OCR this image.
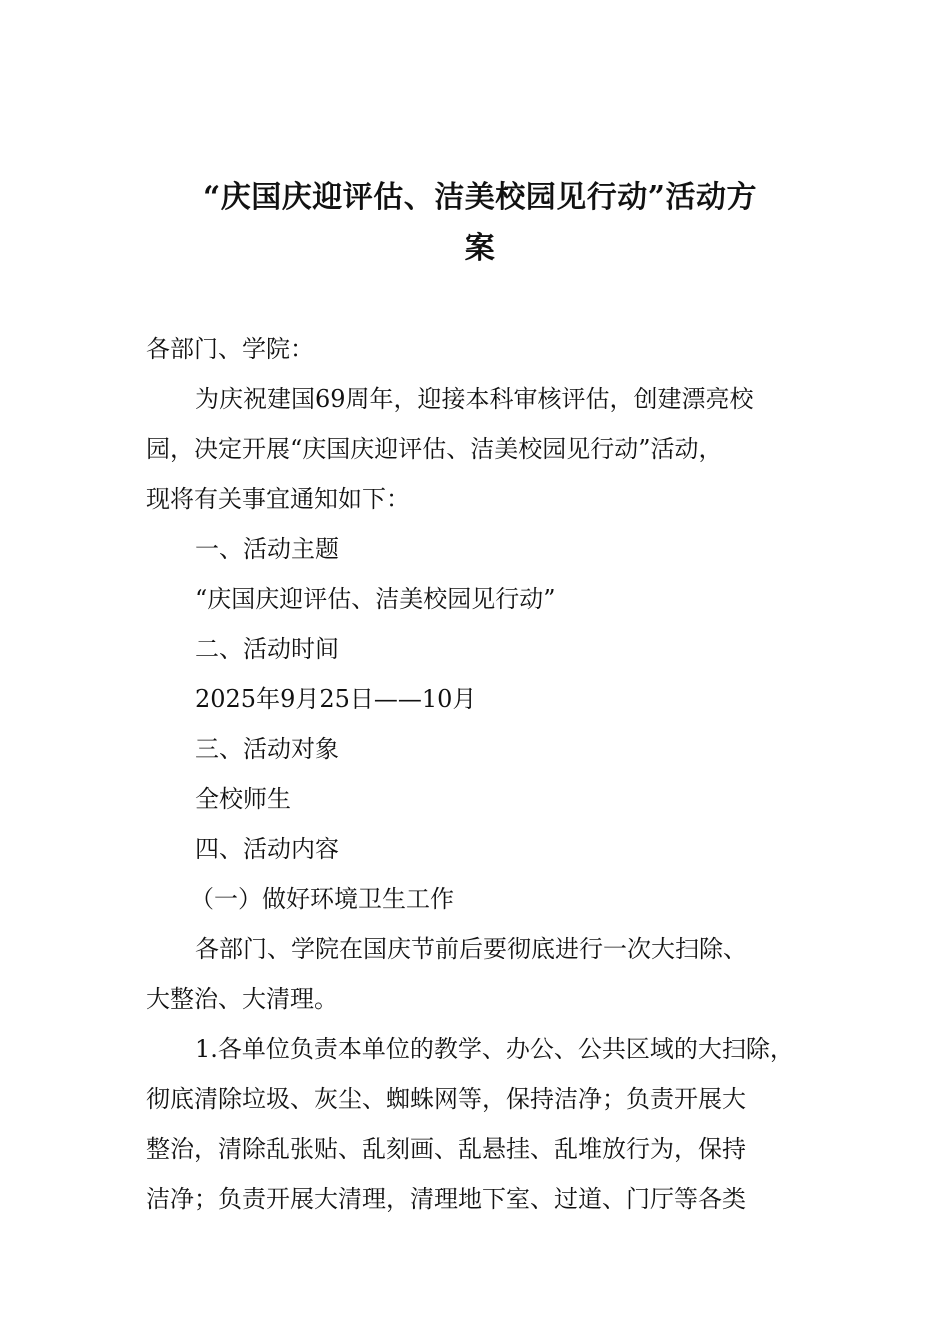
“庆国庆迎评估、洁美校园见行动”活动方
案

各部门、学院：

为庆祝建国69周年，迎接本科审核评估，创建漂亮校

园，决定开展“庆国庆迎评估、洁美校园见行动”活动，

现将有关事宜通知如下：

一、活动主题

“庆国庆迎评估、洁美校园见行动”

二、活动时间

2025年9月25日——10月

三、活动对象

全校师生

四、活动内容

（一）做好环境卫生工作

各部门、学院在国庆节前后要彻底进行一次大扫除、

大整治、大清理。

1.各单位负责本单位的教学、办公、公共区域的大扫除，

彻底清除垃圾、灰尘、蜘蛛网等，保持洁净；负责开展大

整治，清除乱张贴、乱刻画、乱悬挂、乱堆放行为，保持

洁净；负责开展大清理，清理地下室、过道、门厅等各类
